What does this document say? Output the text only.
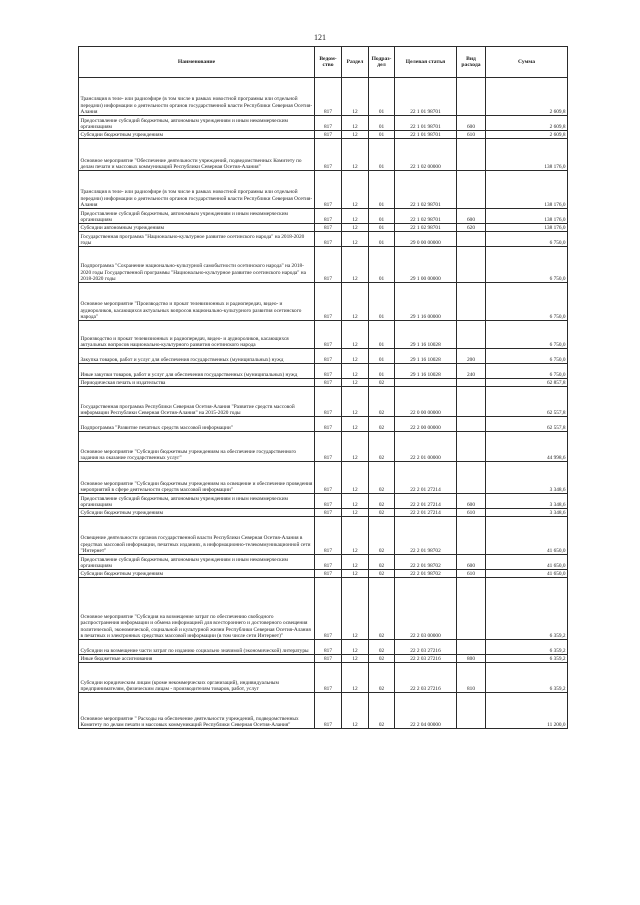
121
Наименование	Ведом-ство	Раздел	Подраз-дел	Целевая статья	Вид расхода	Сумма
Трансляция в теле- или радиоэфире (в том числе в рамках новостной программы или отдельной передачи) информации о деятельности органов государственной власти Республики Северная Осетия-Алания	817	12	01	22 1 01 98701		2 609,8
Предоставление субсидий бюджетным, автономным учреждениям и иным некоммерческим организациям	817	12	01	22 1 01 98701	600	2 609,8
Субсидии бюджетным учреждениям	817	12	01	22 1 01 98701	610	2 609,8
Основное мероприятие "Обеспечение деятельности учреждений, подведомственных Комитету по делам печати и массовых коммуникаций Республики Северная Осетия-Алания"	817	12	01	22 1 02 00000		138 176,0
Трансляция в теле- или радиоэфире (в том числе в рамках новостной программы или отдельной передачи) информации о деятельности органов государственной власти Республики Северная Осетия-Алания	817	12	01	22 1 02 98701		138 176,0
Предоставление субсидий бюджетным, автономным учреждениям и иным некоммерческим организациям	817	12	01	22 1 02 98701	600	138 176,0
Субсидии автономным учреждениям	817	12	01	22 1 02 98701	620	138 176,0
Государственная программа "Национально-культурное развитие осетинского народа" на 2018-2020 годы	817	12	01	29 0 00 00000		6 750,0
Подпрограмма "Сохранение национально-культурной самобытности осетинского народа" на 2018-2020 годы Государственной программы "Национально-культурное развитие осетинского народа" на 2018-2020 годы	817	12	01	29 1 00 00000		6 750,0
Основное мероприятие "Производство и прокат телевизионных и радиопередач, видео- и аудиороликов, касающихся актуальных вопросов национально-культурного развития осетинского народа"	817	12	01	29 1 16 00000		6 750,0
Производство и прокат телевизионных и радиопередач, видео- и аудиороликов, касающихся актуальных вопросов национально-культурного развития осетинского народа	817	12	01	29 1 16 10028		6 750,0
Закупка товаров, работ и услуг для обеспечения государственных (муниципальных) нужд	817	12	01	29 1 16 10028	200	6 750,0
Иные закупки товаров, работ и услуг для обеспечения государственных (муниципальных) нужд	817	12	01	29 1 16 10028	240	6 750,0
Периодическая печать и издательства	817	12	02			62 857,8
Государственная программа Республики Северная Осетия-Алания "Развитие средств массовой информации Республики Северная Осетия-Алания" на 2015-2020 годы	817	12	02	22 0 00 00000		62 557,8
Подпрограмма "Развитие печатных средств массовой информации"	817	12	02	22 2 00 00000		62 557,8
Основное мероприятие "Субсидии бюджетным учреждениям на обеспечение государственного задания на оказание государственных услуг"	817	12	02	22 2 01 00000		44 998,6
Основное мероприятие "Субсидии бюджетным учреждениям на освещение и обеспечение проведения мероприятий в сфере деятельности средств массовой информации"	817	12	02	22 2 01 27214		3 348,6
Предоставление субсидий бюджетным, автономным учреждениям и иным некоммерческим организациям	817	12	02	22 2 01 27214	600	3 348,6
Субсидии бюджетным учреждениям	817	12	02	22 2 01 27214	610	3 348,6
Освещение деятельности органов государственной власти Республики Северная Осетия-Алания в средствах массовой информации, печатных изданиях, в информационно-телекоммуникационной сети "Интернет"	817	12	02	22 2 01 98702		41 650,0
Предоставление субсидий бюджетным, автономным учреждениям и иным некоммерческим организациям	817	12	02	22 2 01 98702	600	41 650,0
Субсидии бюджетным учреждениям	817	12	02	22 2 01 98702	610	41 650,0
Основное мероприятие "Субсидия на возмещение затрат по обеспечению свободного распространения информации и обмена информацией для всестороннего и достоверного освещения политической, экономической, социальной и культурной жизни Республики Северная Осетия-Алания в печатных и электронных средствах массовой информации (в том числе сети Интернет)"	817	12	02	22 2 03 00000		6 359,2
Субсидии на возмещение части затрат по изданию социально значимой (экономической) литературы	817	12	02	22 2 03 27216		6 359,2
Иные бюджетные ассигнования	817	12	02	22 2 03 27216	800	6 359,2
Субсидии юридическим лицам (кроме некоммерческих организаций), индивидуальным предпринимателям, физическим лицам - производителям товаров, работ, услуг	817	12	02	22 2 03 27216	810	6 359,2
Основное мероприятие " Расходы на обеспечение деятельности учреждений, подведомственных Комитету по делам печати и массовых коммуникаций Республики Северная Осетия-Алания"	817	12	02	22 2 04 00000		11 200,0
